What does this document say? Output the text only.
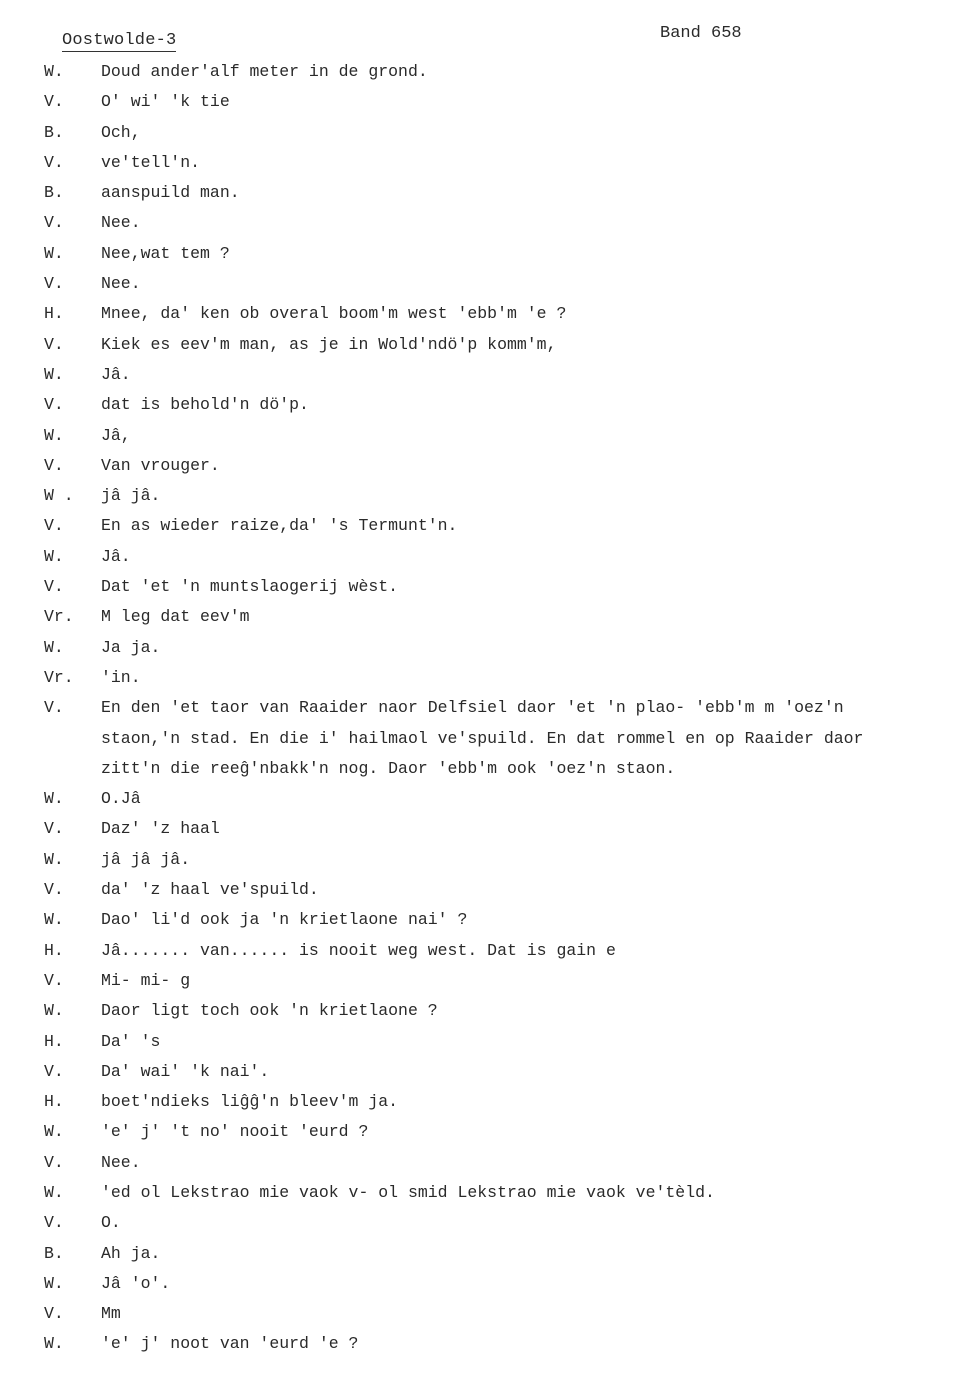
Oostwolde-3	Band 658
W.	Doud ander'alf meter in de grond.
V.	O' wi' 'k tie
B.	Och,
V.	ve'tell'n.
B.	aanspuild man.
V.	Nee.
W.	Nee,wat tem ?
V.	Nee.
H.	Mnee, da' ken ob overal boom'm west 'ebb'm 'e ?
V.	Kiek es eev'm man, as je in Wold'ndö'p komm'm,
W.	Jâ.
V.	dat is behold'n dö'p.
W.	Jâ,
V.	Van vrouger.
W .	jâ jâ.
V.	En as wieder raize,da' 's Termunt'n.
W.	Jâ.
V.	Dat 'et 'n muntslaogerij wèst.
Vr.	M leg dat eev'm
W.	Ja ja.
Vr.	'in.
V.	En den 'et taor van Raaider naor Delfsiel daor 'et 'n plao- 'ebb'm m 'oez'n staon,'n stad. En die i' hailmaol ve'spuild. En dat rommel en op Raaider daor zitt'n die reeĝ'nbakk'n nog. Daor 'ebb'm ook 'oez'n staon.
W.	O.Jâ
V.	Daz' 'z haal
W.	jâ jâ jâ.
V.	da' 'z haal ve'spuild.
W.	Dao' li'd ook ja 'n krietlaone nai' ?
H.	Jâ....... van...... is nooit weg west. Dat is gain e
V.	Mi- mi- g
W.	Daor ligt toch ook 'n krietlaone ?
H.	Da' 's
V.	Da' wai' 'k nai'.
H.	boet'ndieks liĝĝ'n bleev'm ja.
W.	'e' j' 't no' nooit 'eurd ?
V.	Nee.
W.	'ed ol Lekstrao mie vaok v- ol smid Lekstrao mie vaok ve'tèld.
V.	O.
B.	Ah ja.
W.	Jâ 'o'.
V.	Mm
W.	'e' j' noot van 'eurd 'e ?
